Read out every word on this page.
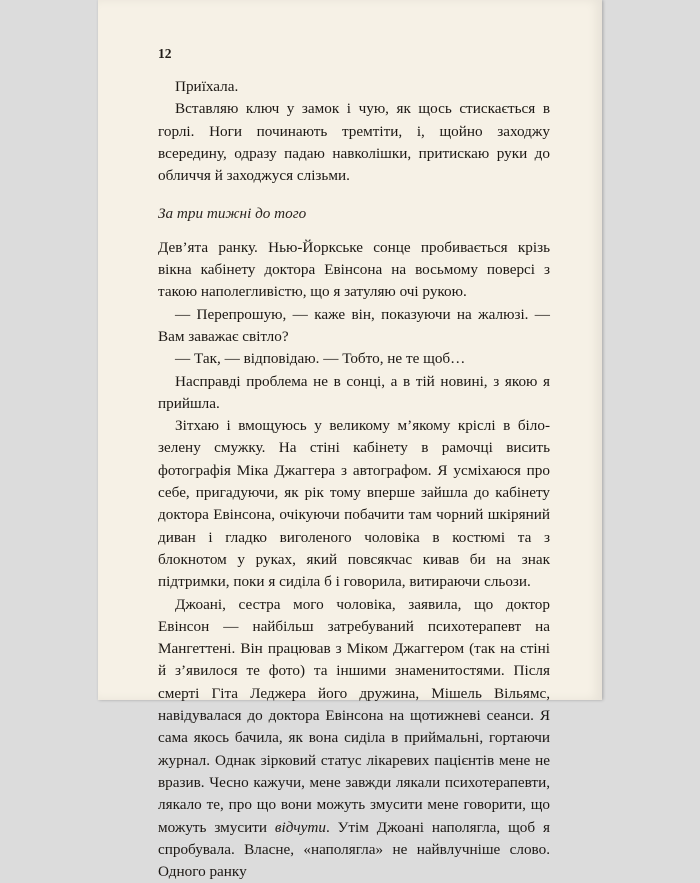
12

Приїхала.

Вставляю ключ у замок і чую, як щось стискається в горлі. Ноги починають тремтіти, і, щойно заходжу всередину, одразу падаю навколішки, притискаю руки до обличчя й заходжуся слізьми.

За три тижні до того

Дев’ята ранку. Нью-Йоркське сонце пробивається крізь вікна кабінету доктора Евінсона на восьмому поверсі з такою наполегливістю, що я затуляю очі рукою.

— Перепрошую, — каже він, показуючи на жалюзі. — Вам заважає світло?

— Так, — відповідаю. — Тобто, не те щоб…

Насправді проблема не в сонці, а в тій новині, з якою я прийшла.

Зітхаю і вмощуюсь у великому м’якому кріслі в біло-зелену смужку. На стіні кабінету в рамочці висить фотографія Міка Джаггера з автографом. Я усміхаюся про себе, пригадуючи, як рік тому вперше зайшла до кабінету доктора Евінсона, очікуючи побачити там чорний шкіряний диван і гладко виголеного чоловіка в костюмі та з блокнотом у руках, який повсякчас кивав би на знак підтримки, поки я сиділа б і говорила, витираючи сльози.

Джоані, сестра мого чоловіка, заявила, що доктор Евінсон — найбільш затребуваний психотерапевт на Мангеттені. Він працював з Міком Джаггером (так на стіні й з’явилося те фото) та іншими знаменитостями. Після смерті Гіта Леджера його дружина, Мішель Вільямс, навідувалася до доктора Евінсона на щотижневі сеанси. Я сама якось бачила, як вона сиділа в приймальні, гортаючи журнал. Однак зірковий статус лікаревих пацієнтів мене не вразив. Чесно кажучи, мене завжди лякали психотерапевти, лякало те, про що вони можуть змусити мене говорити, що можуть змусити відчути. Утім Джоані наполягла, щоб я спробувала. Власне, «наполягла» не найвлучніше слово. Одного ранку
